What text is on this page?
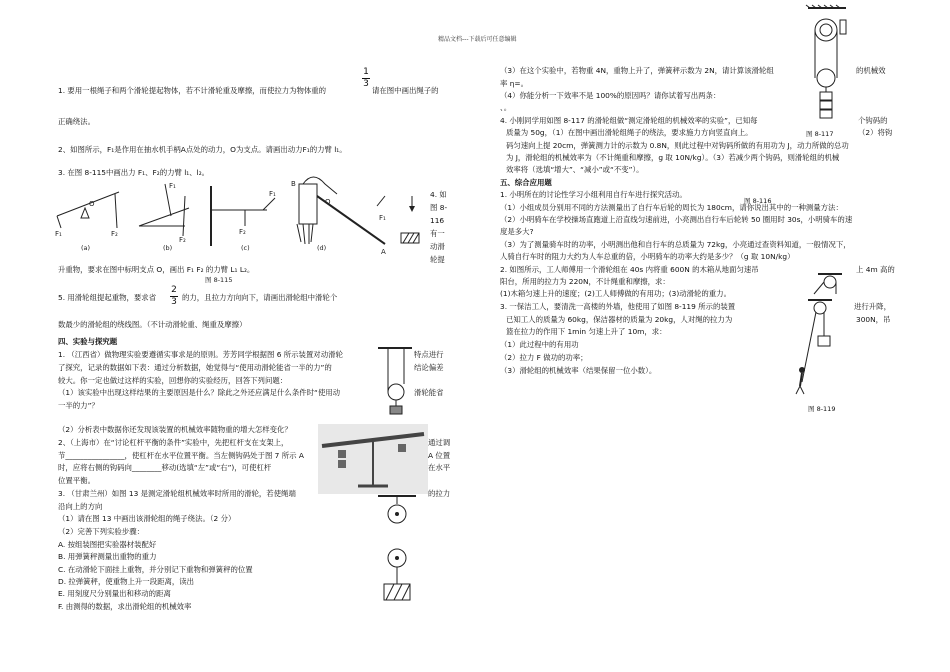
精品文档---下载后可任意编辑
1. 要用一根绳子和两个滑轮提起物体，若不计滑轮重及摩擦，而使拉力为物体重的
1
3
请在图中画出绳子的
正确绕法。
2、如图所示，F₁是作用在抽水机手柄A点处的动力，O为支点。请画出动力F₁的力臂 l₁。
3. 在图 8-115中画出力 F₁、F₂的力臂 l₁、l₂。
O
F₁	F₂
F₁
F₂
F₁
F₂
B
O
F₁
A
(a)	(b)	(c)	(d)
图 8-115
4. 如
图 8-
116
有一
动滑
轮提
升重物，要求在图中标明支点 O，画出 F₁ F₂ 的力臂 L₁ L₂。
5. 用滑轮组提起重物，要求省
2
3 的力，且拉力方向向下，请画出滑轮组中滑轮个
数最少的滑轮组的绕线图。（不计动滑轮重、绳重及摩擦）
四、实验与探究题
1. （江西省）做物理实验要遵循实事求是的原则。芳芳同学根据图 6 所示装置对动滑轮	特点进行
了探究，记录的数据如下表：通过分析数据，她觉得与“使用动滑轮能省一半的力”的	结论偏差
较大。你一定也做过这样的实验，回想你的实验经历，回答下列问题：
（1）该实验中出现这样结果的主要原因是什么？除此之外还应满足什么条件时“使用动	滑轮能省
一半的力”？
（2）分析表中数据你还发现该装置的机械效率随物重的增大怎样变化？
2、（上海市）在“讨论杠杆平衡的条件”实验中，先把杠杆支在支架上，	通过调
节________________，使杠杆在水平位置平衡。当左侧钩码处于图 7 所示 A	A 位置
时，应将右侧的钩码向________移动(选填“左”或“右”)，可使杠杆	在水平
位置平衡。
3. （甘肃兰州）如图 13 是测定滑轮组机械效率时所用的滑轮，若使绳端	的拉力
沿向上的方向
（1）请在图 13 中画出该滑轮组的绳子绕法。（2 分）
（2）完善下列实验步骤：
A. 按组装图把实验器材装配好
B. 用弹簧秤测量出重物的重力
C. 在动滑轮下面挂上重物，并分别记下重物和弹簧秤的位置
D. 拉弹簧秤，使重物上升一段距离，读出
E. 用刻度尺分别量出和移动的距离
F. 由测得的数据，求出滑轮组的机械效率
（3）在这个实验中，若物重 4N，重物上升了，弹簧秤示数为 2N，请计算该滑轮组	的机械效
率 η=。
（4）你能分析一下效率不是 100%的原因吗？请你试着写出两条：
、。
4. 小刚同学用如图 8-117 的滑轮组做“测定滑轮组的机械效率的实验”，已知每	个钩码的
质量为 50g，（1）在图中画出滑轮组绳子的绕法，要求施力方向竖直向上。	图 8-117	（2）将钩
码匀速向上提 20cm，弹簧测力计的示数为 0.8N，则此过程中对钩码所做的有用功为 J，动力所做的总功
为 J，滑轮组的机械效率为（不计绳重和摩擦，g 取 10N/kg）。（3）若减少两个钩码，则滑轮组的机械
效率将（选填“增大”、“减小”或“不变”）。
五、综合应用题
1. 小明所在的讨论性学习小组利用自行车进行探究活动。
（1）小组成员分别用不同的方法测量出了自行车后轮的周长为 180cm，请你说出其中的一种测量方法：
图 8-116
（2）小明骑车在学校操场直跑道上沿直线匀速前进，小亮测出自行车后轮转 50 圈用时 30s，小明骑车的速
度是多大?
（3）为了测量骑车时的功率，小明测出他和自行车的总质量为 72kg，小亮通过查资料知道，一般情况下，
人骑自行车时的阻力大约为人车总重的倍，小明骑车的功率大约是多少？（g 取 10N/kg）
2. 如图所示，工人师傅用一个滑轮组在 40s 内将重 600N 的木箱从地面匀速吊	上 4m 高的
阳台，所用的拉力为 220N，不计绳重和摩擦，求：
(1)木箱匀速上升的速度；(2)工人师傅做的有用功；(3)动滑轮的重力。
3. 一保洁工人，要清洗一高楼的外墙，他使用了如图 8-119 所示的装置	进行升降，
已知工人的质量为 60kg，保洁器材的质量为 20kg，人对绳的拉力为	300N，吊
篮在拉力的作用下 1min 匀速上升了 10m，求：
（1）此过程中的有用功
（2）拉力 F 做功的功率；
（3）滑轮组的机械效率（结果保留一位小数）。
图 8-119
